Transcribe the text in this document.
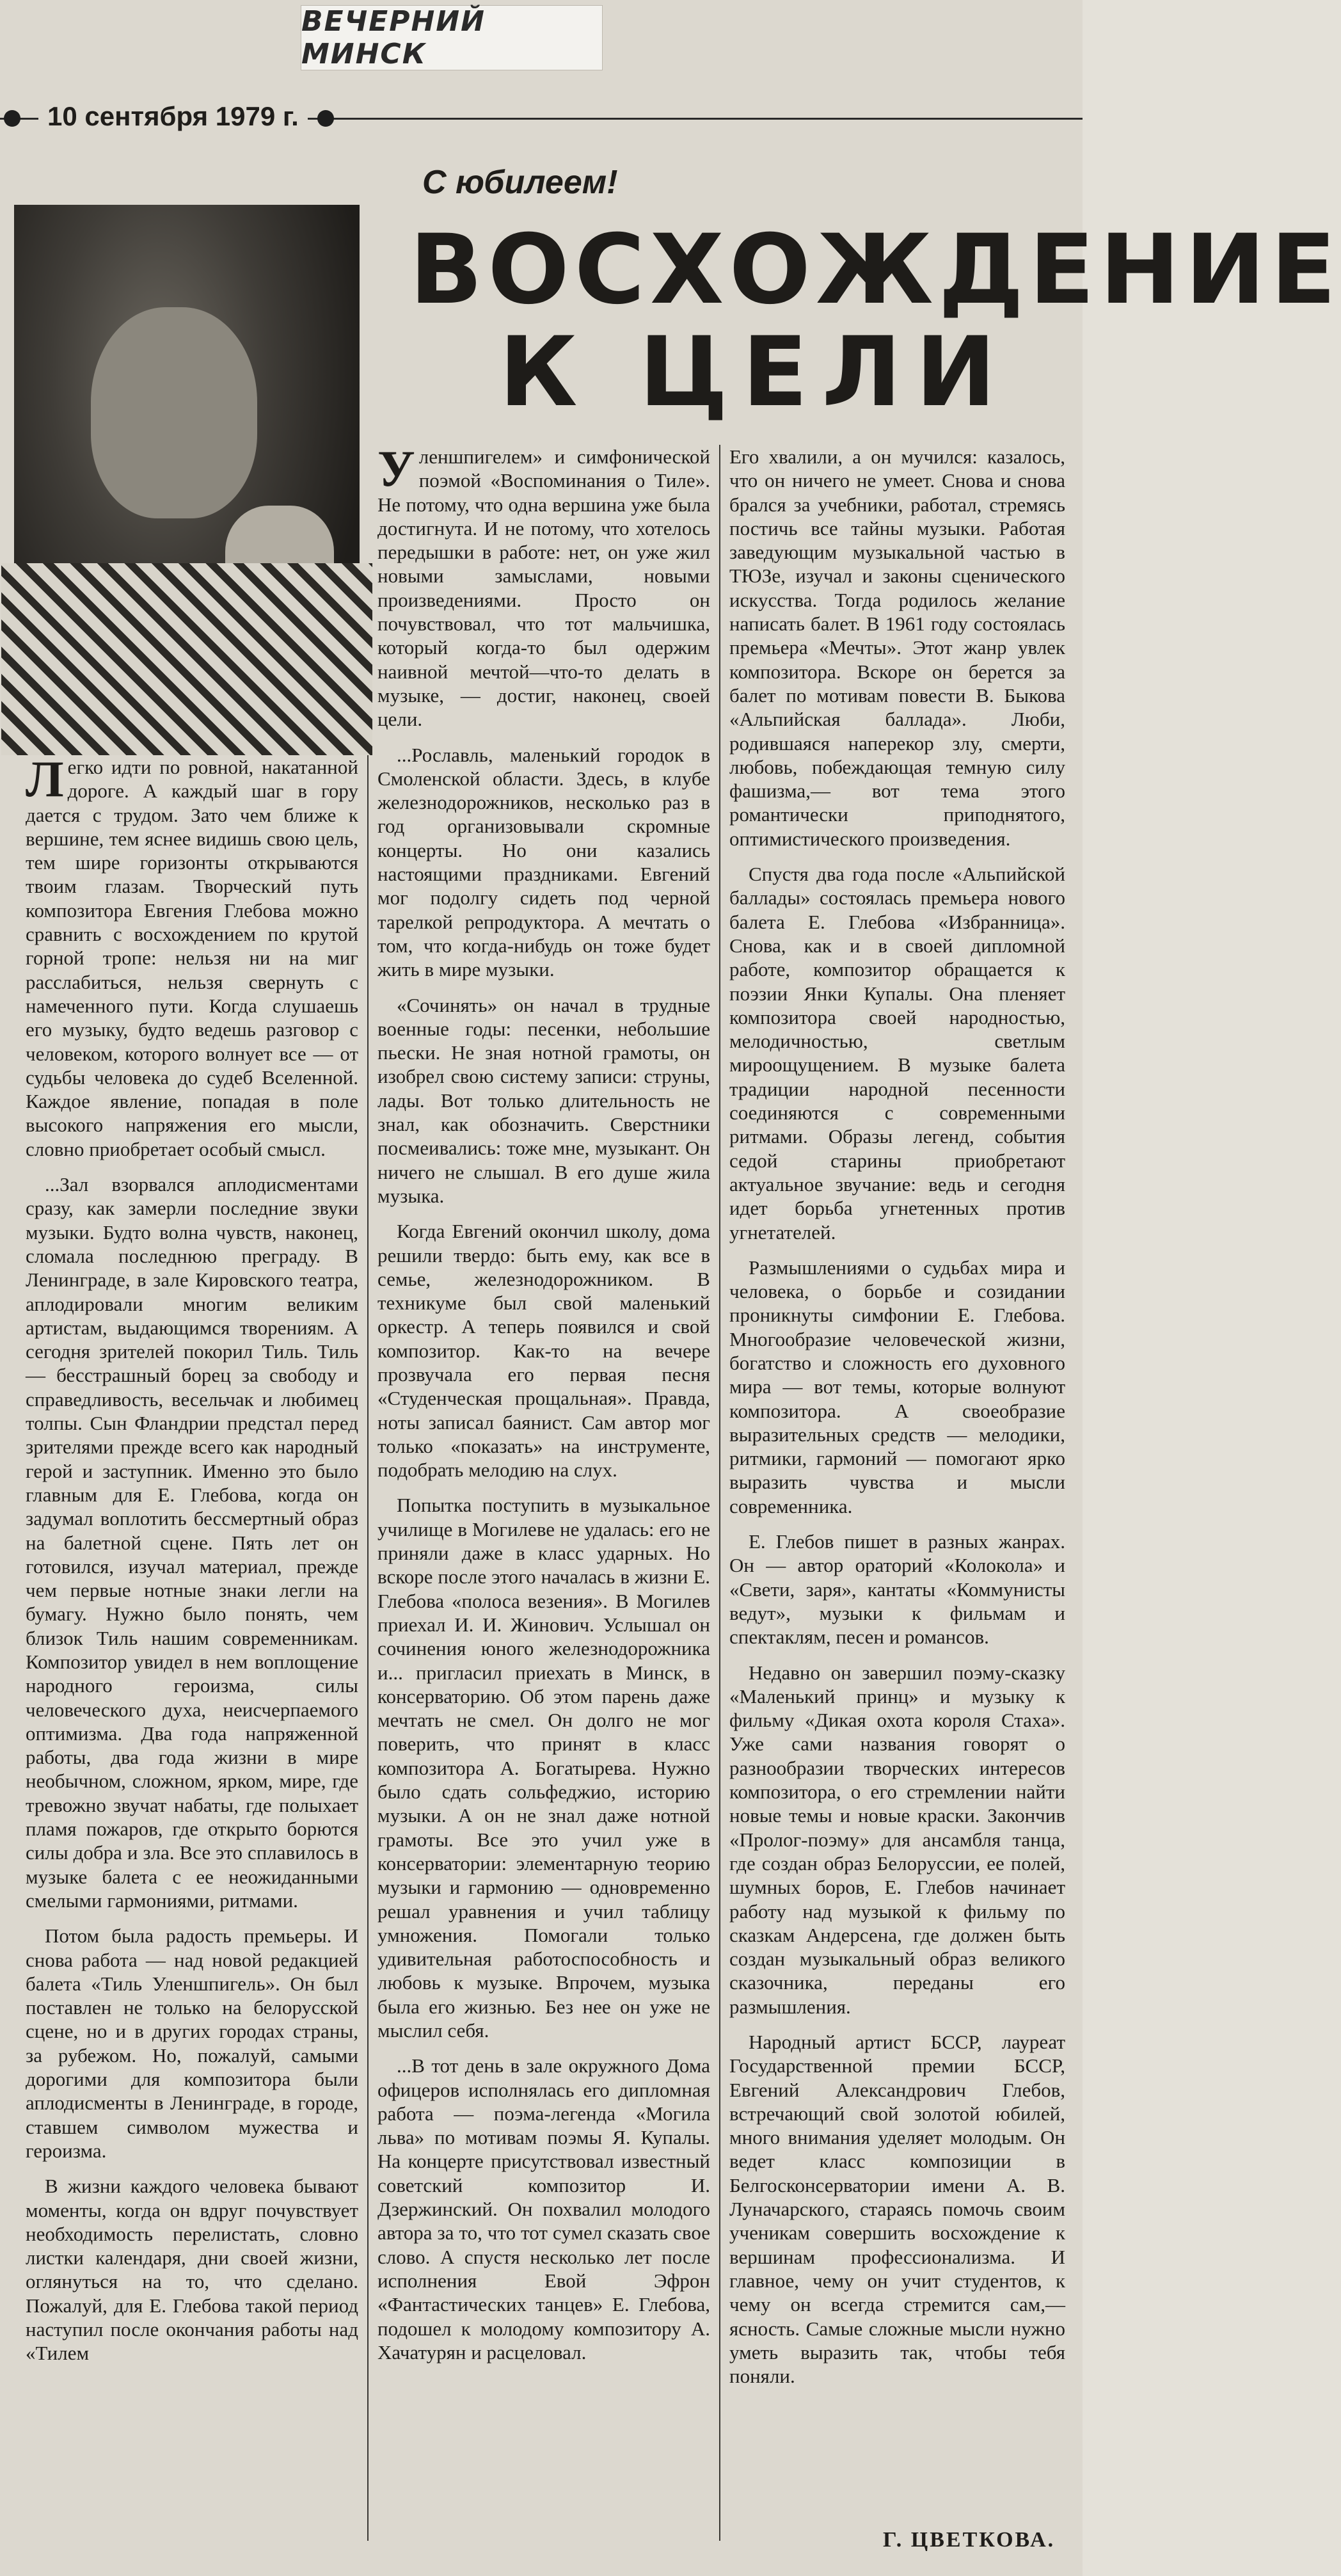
ВЕЧЕРНИЙ МИНСК
10 сентября 1979 г.
С юбилеем!
ВОСХОЖДЕНИЕ
К ЦЕЛИ

Легко идти по ровной, накатанной дороге. А каждый шаг в гору дается с трудом. Зато чем ближе к вершине, тем яснее видишь свою цель, тем шире горизонты открываются твоим глазам. Творческий путь композитора Евгения Глебова можно сравнить с восхождением по крутой горной тропе: нельзя ни на миг расслабиться, нельзя свернуть с намеченного пути. Когда слушаешь его музыку, будто ведешь разговор с человеком, которого волнует все — от судьбы человека до судеб Вселенной. Каждое явление, попадая в поле высокого напряжения его мысли, словно приобретает особый смысл.

...Зал взорвался аплодисментами сразу, как замерли последние звуки музыки. Будто волна чувств, наконец, сломала последнюю преграду. В Ленинграде, в зале Кировского театра, аплодировали многим великим артистам, выдающимся творениям. А сегодня зрителей покорил Тиль. Тиль — бесстрашный борец за свободу и справедливость, весельчак и любимец толпы. Сын Фландрии предстал перед зрителями прежде всего как народный герой и заступник. Именно это было главным для Е. Глебова, когда он задумал воплотить бессмертный образ на балетной сцене. Пять лет он готовился, изучал материал, прежде чем первые нотные знаки легли на бумагу. Нужно было понять, чем близок Тиль нашим современникам. Композитор увидел в нем воплощение народного героизма, силы человеческого духа, неисчерпаемого оптимизма. Два года напряженной работы, два года жизни в мире необычном, сложном, ярком, мире, где тревожно звучат набаты, где полыхает пламя пожаров, где открыто борются силы добра и зла. Все это сплавилось в музыке балета с ее неожиданными смелыми гармониями, ритмами.

Потом была радость премьеры. И снова работа — над новой редакцией балета «Тиль Уленшпигель». Он был поставлен не только на белорусской сцене, но и в других городах страны, за рубежом. Но, пожалуй, самыми дорогими для композитора были аплодисменты в Ленинграде, в городе, ставшем символом мужества и героизма.

В жизни каждого человека бывают моменты, когда он вдруг почувствует необходимость перелистать, словно листки календаря, дни своей жизни, оглянуться на то, что сделано. Пожалуй, для Е. Глебова такой период наступил после окончания работы над «Тилем

Уленшпигелем» и симфонической поэмой «Воспоминания о Тиле». Не потому, что одна вершина уже была достигнута. И не потому, что хотелось передышки в работе: нет, он уже жил новыми замыслами, новыми произведениями. Просто он почувствовал, что тот мальчишка, который когда-то был одержим наивной мечтой—что-то делать в музыке, — достиг, наконец, своей цели.

...Рославль, маленький городок в Смоленской области. Здесь, в клубе железнодорожников, несколько раз в год организовывали скромные концерты. Но они казались настоящими праздниками. Евгений мог подолгу сидеть под черной тарелкой репродуктора. А мечтать о том, что когда-нибудь он тоже будет жить в мире музыки.

«Сочинять» он начал в трудные военные годы: песенки, небольшие пьески. Не зная нотной грамоты, он изобрел свою систему записи: струны, лады. Вот только длительность не знал, как обозначить. Сверстники посмеивались: тоже мне, музыкант. Он ничего не слышал. В его душе жила музыка.

Когда Евгений окончил школу, дома решили твердо: быть ему, как все в семье, железнодорожником. В техникуме был свой маленький оркестр. А теперь появился и свой композитор. Как-то на вечере прозвучала его первая песня «Студенческая прощальная». Правда, ноты записал баянист. Сам автор мог только «показать» на инструменте, подобрать мелодию на слух.

Попытка поступить в музыкальное училище в Могилеве не удалась: его не приняли даже в класс ударных. Но вскоре после этого началась в жизни Е. Глебова «полоса везения». В Могилев приехал И. И. Жинович. Услышал он сочинения юного железнодорожника и... пригласил приехать в Минск, в консерваторию. Об этом парень даже мечтать не смел. Он долго не мог поверить, что принят в класс композитора А. Богатырева. Нужно было сдать сольфеджио, историю музыки. А он не знал даже нотной грамоты. Все это учил уже в консерватории: элементарную теорию музыки и гармонию — одновременно решал уравнения и учил таблицу умножения. Помогали только удивительная работоспособность и любовь к музыке. Впрочем, музыка была его жизнью. Без нее он уже не мыслил себя.

...В тот день в зале окружного Дома офицеров исполнялась его дипломная работа — поэма-легенда «Могила льва» по мотивам поэмы Я. Купалы. На концерте присутствовал известный советский композитор И. Дзержинский. Он похвалил молодого автора за то, что тот сумел сказать свое слово. А спустя несколько лет после исполнения Евой Эфрон «Фантастических танцев» Е. Глебова, подошел к молодому композитору А. Хачатурян и расцеловал.

Его хвалили, а он мучился: казалось, что он ничего не умеет. Снова и снова брался за учебники, работал, стремясь постичь все тайны музыки. Работая заведующим музыкальной частью в ТЮЗе, изучал и законы сценического искусства. Тогда родилось желание написать балет. В 1961 году состоялась премьера «Мечты». Этот жанр увлек композитора. Вскоре он берется за балет по мотивам повести В. Быкова «Альпийская баллада». Люби, родившаяся наперекор злу, смерти, любовь, побеждающая темную силу фашизма,— вот тема этого романтически приподнятого, оптимистического произведения.

Спустя два года после «Альпийской баллады» состоялась премьера нового балета Е. Глебова «Избранница». Снова, как и в своей дипломной работе, композитор обращается к поэзии Янки Купалы. Она пленяет композитора своей народностью, мелодичностью, светлым мироощущением. В музыке балета традиции народной песенности соединяются с современными ритмами. Образы легенд, события седой старины приобретают актуальное звучание: ведь и сегодня идет борьба угнетенных против угнетателей.

Размышлениями о судьбах мира и человека, о борьбе и созидании проникнуты симфонии Е. Глебова. Многообразие человеческой жизни, богатство и сложность его духовного мира — вот темы, которые волнуют композитора. А своеобразие выразительных средств — мелодики, ритмики, гармоний — помогают ярко выразить чувства и мысли современника.

Е. Глебов пишет в разных жанрах. Он — автор ораторий «Колокола» и «Свети, заря», кантаты «Коммунисты ведут», музыки к фильмам и спектаклям, песен и романсов.

Недавно он завершил поэму-сказку «Маленький принц» и музыку к фильму «Дикая охота короля Стаха». Уже сами названия говорят о разнообразии творческих интересов композитора, о его стремлении найти новые темы и новые краски. Закончив «Пролог-поэму» для ансамбля танца, где создан образ Белоруссии, ее полей, шумных боров, Е. Глебов начинает работу над музыкой к фильму по сказкам Андерсена, где должен быть создан музыкальный образ великого сказочника, переданы его размышления.

Народный артист БССР, лауреат Государственной премии БССР, Евгений Александрович Глебов, встречающий свой золотой юбилей, много внимания уделяет молодым. Он ведет класс композиции в Белгосконсерватории имени А. В. Луначарского, стараясь помочь своим ученикам совершить восхождение к вершинам профессионализма. И главное, чему он учит студентов, к чему он всегда стремится сам,—ясность. Самые сложные мысли нужно уметь выразить так, чтобы тебя поняли.

Г. ЦВЕТКОВА.
